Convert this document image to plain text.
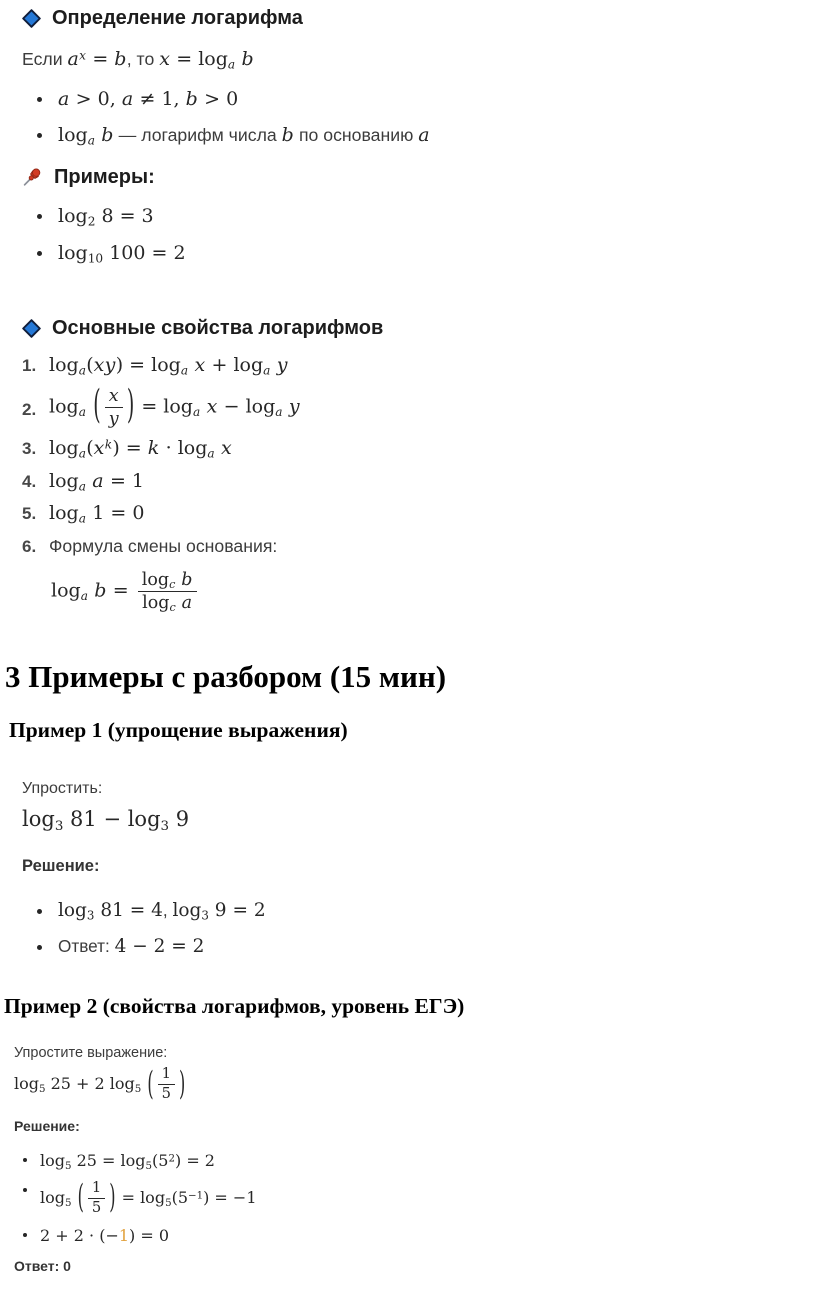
Определение логарифма
Если $a^x = b$, то $x = \log_a b$
a > 0, a ≠ 1, b > 0
$\log_a b$ — логарифм числа b по основанию a
Примеры:
$\log_2 8 = 3$
$\log_{10} 100 = 2$
Основные свойства логарифмов
1. $\log_a(xy) = \log_a x + \log_a y$
2. $\log_a$ ( $\frac{x}{y}$ ) = $\log_a x - \log_a y$
3. $\log_a(x^k) = k \cdot \log_a x$
4. $\log_a a = 1$
5. $\log_a 1 = 0$
6. Формула смены основания:
$\log_a b = \frac{\log_c b}{\log_c a}$
3 Примеры с разбором (15 мин)
Пример 1 (упрощение выражения)
Упростить:
$\log_3 81 - \log_3 9$
Решение:
$\log_3 81 = 4$, $\log_3 9 = 2$
Ответ: 4 − 2 = 2
Пример 2 (свойства логарифмов, уровень ЕГЭ)
Упростите выражение:
$\log_5 25 + 2$ $\log_5$ ( $\frac{1}{5}$ )
Решение:
$\log_5 25 = \log_5(5^2) = 2$
$\log_5$ ( $\frac{1}{5}$ ) = $\log_5(5^{-1}) = -1$
2 + 2 · (−1) = 0
Ответ: 0
